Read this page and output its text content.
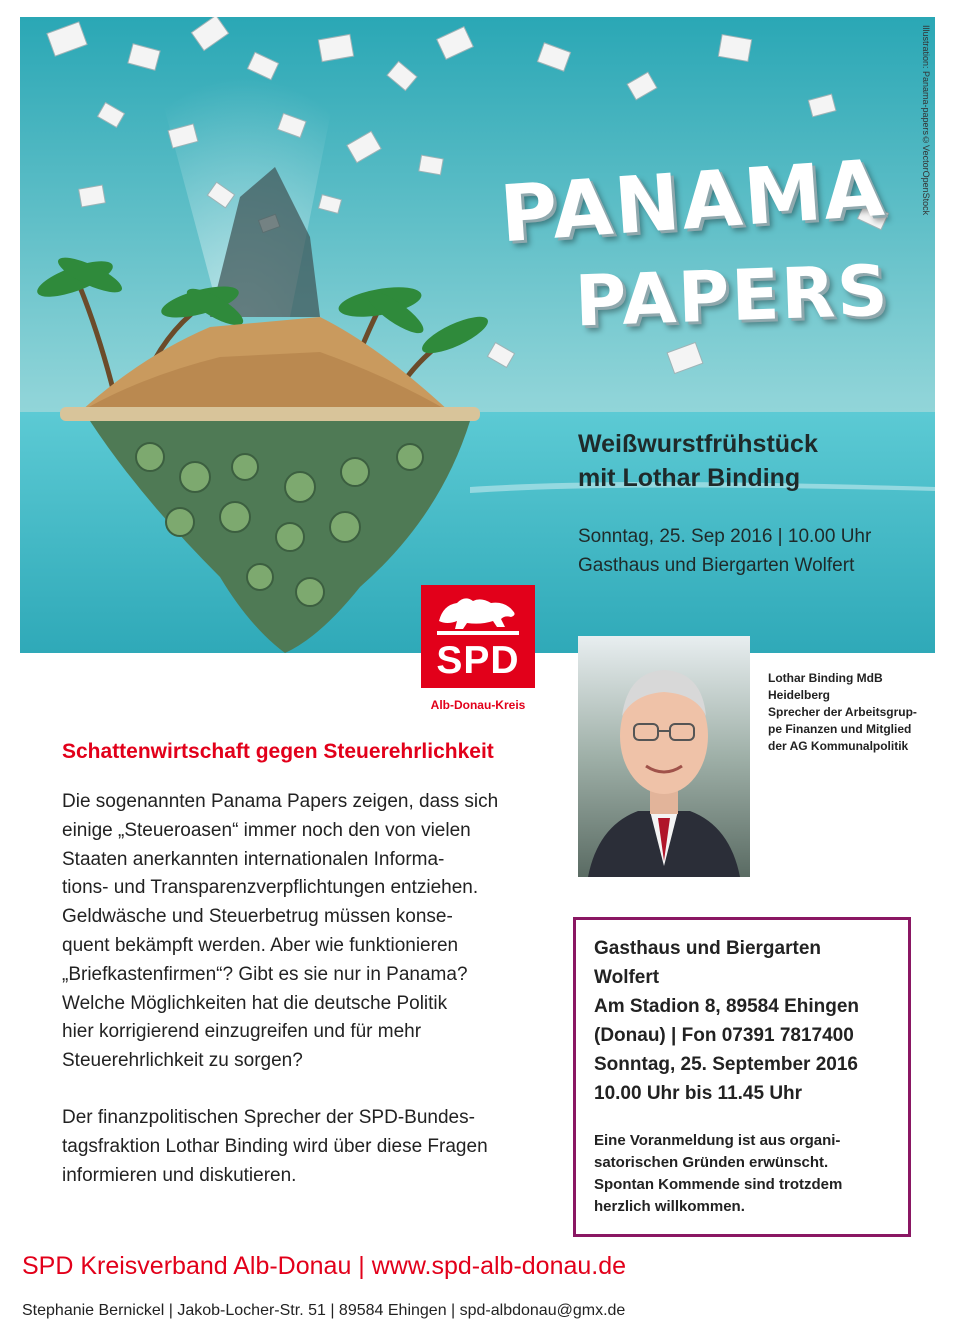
PANAMA
PAPERS
Illustration: Panama-papers©VectorOpenStock
Weißwurstfrühstück
mit Lothar Binding
Sonntag, 25. Sep 2016 | 10.00 Uhr
Gasthaus und Biergarten Wolfert
SPD
Alb-Donau-Kreis
Lothar Binding MdB
Heidelberg
Sprecher der Arbeitsgrup-
pe Finanzen und Mitglied
der AG Kommunalpolitik
Schattenwirtschaft gegen Steuerehrlichkeit
Die sogenannten Panama Papers zeigen, dass sich
einige „Steueroasen“ immer noch den von vielen
Staaten anerkannten internationalen Informa-
tions- und Transparenzverpflichtungen entziehen.
Geldwäsche und Steuerbetrug müssen konse-
quent bekämpft werden. Aber wie funktionieren
„Briefkastenfirmen“? Gibt es sie nur in Panama?
Welche Möglichkeiten hat die deutsche Politik
hier korrigierend einzugreifen und für mehr
Steuerehrlichkeit zu sorgen?
Der finanzpolitischen Sprecher der SPD-Bundes-
tagsfraktion Lothar Binding wird über diese Fragen
informieren und diskutieren.
Gasthaus und Biergarten
Wolfert
Am Stadion 8, 89584 Ehingen
(Donau) | Fon 07391 7817400
Sonntag, 25. September 2016
10.00 Uhr bis 11.45 Uhr
Eine Voranmeldung ist aus organi-
satorischen Gründen erwünscht.
Spontan Kommende sind trotzdem
herzlich willkommen.
SPD Kreisverband Alb-Donau | www.spd-alb-donau.de
Stephanie Bernickel | Jakob-Locher-Str. 51 | 89584 Ehingen | spd-albdonau@gmx.de
